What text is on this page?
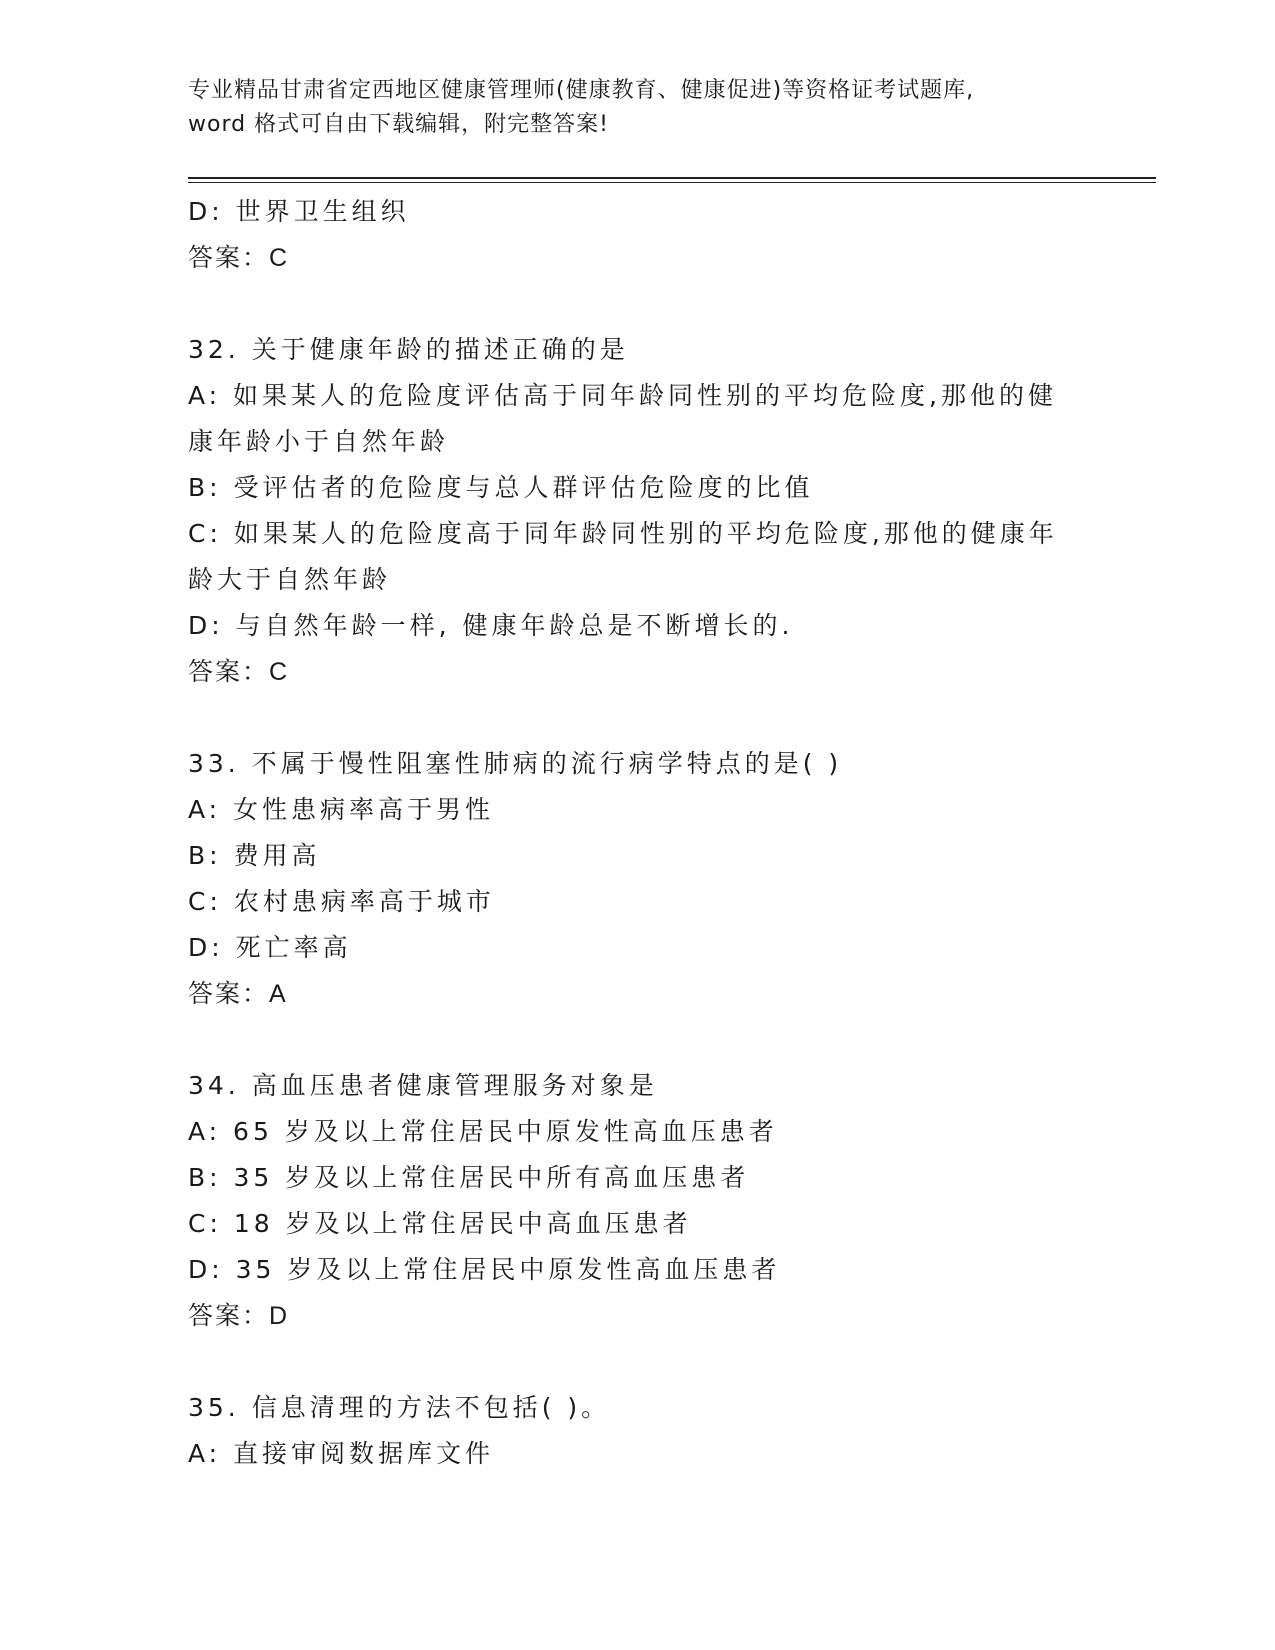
专业精品甘肃省定西地区健康管理师(健康教育、健康促进)等资格证考试题库,
word 格式可自由下载编辑，附完整答案!
D: 世界卫生组织
答案：C
32. 关于健康年龄的描述正确的是
A: 如果某人的危险度评估高于同年龄同性别的平均危险度,那他的健
康年龄小于自然年龄
B: 受评估者的危险度与总人群评估危险度的比值
C: 如果某人的危险度高于同年龄同性别的平均危险度,那他的健康年
龄大于自然年龄
D: 与自然年龄一样, 健康年龄总是不断增长的.
答案：C
33. 不属于慢性阻塞性肺病的流行病学特点的是( )
A: 女性患病率高于男性
B: 费用高
C: 农村患病率高于城市
D: 死亡率高
答案：A
34. 高血压患者健康管理服务对象是
A: 65 岁及以上常住居民中原发性高血压患者
B: 35 岁及以上常住居民中所有高血压患者
C: 18 岁及以上常住居民中高血压患者
D: 35 岁及以上常住居民中原发性高血压患者
答案：D
35. 信息清理的方法不包括( )。
A: 直接审阅数据库文件
